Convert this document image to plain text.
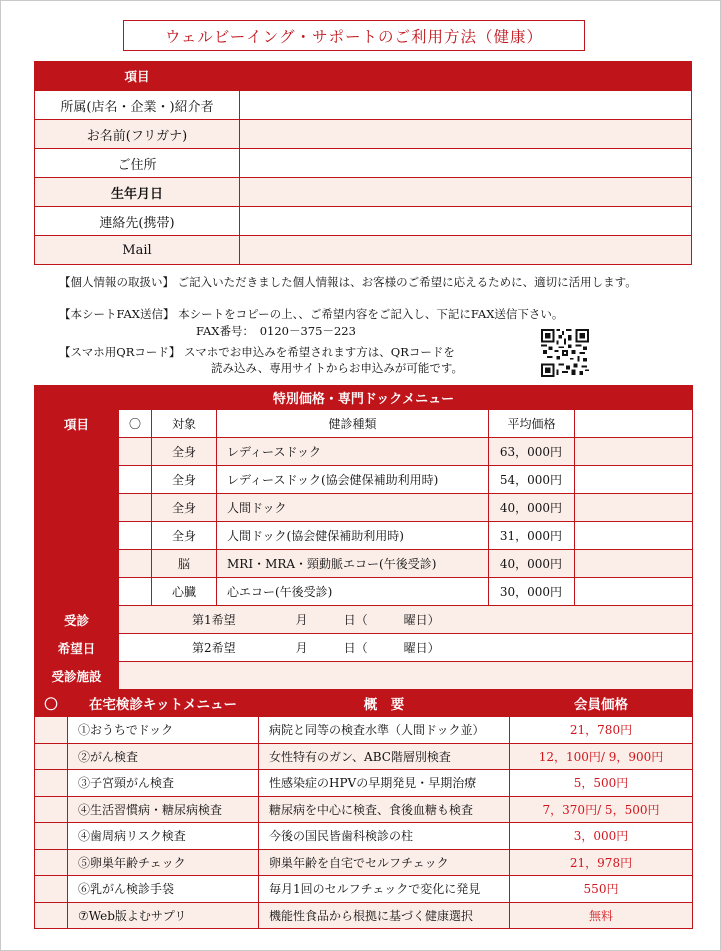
ウェルビーイング・サポートのご利用方法（健康）
項目	
所属(店名・企業・)紹介者	
お名前(フリガナ)	
ご住所	
生年月日	
連絡先(携帯)	
Mail	
【個人情報の取扱い】 ご記入いただきました個人情報は、お客様のご希望に応えるために、適切に活用します。
【本シートFAX送信】 本シートをコピーの上、、ご希望内容をご記入し、下記にFAX送信下さい。
FAX番号：　0120－375－223
【スマホ用QRコード】 スマホでお申込みを希望されます方は、QRコードを
読み込み、専用サイトからお申込みが可能です。
特別価格・専門ドックメニュー					
項目	〇	対象	健診種類	平均価格	
		全身	レディースドック	63，000円	
		全身	レディースドック(協会健保補助利用時)	54，000円	
		全身	人間ドック	40，000円	
		全身	人間ドック(協会健保補助利用時)	31，000円	
		脳	MRI・MRA・頸動脈エコー(午後受診)	40，000円	
		心臓	心エコー(午後受診)	30，000円	
受診	第1希望　　　　　月　　　日（　　　曜日）				
希望日	第2希望　　　　　月　　　日（　　　曜日）				
受診施設					
〇	在宅検診キットメニュー	概　要	会員価格
	①おうちでドック	病院と同等の検査水準（人間ドック並）	21，780円
	②がん検査	女性特有のガン、ABC階層別検査	12，100円/ 9，900円
	③子宮頸がん検査	性感染症のHPVの早期発見・早期治療	5，500円
	④生活習慣病・糖尿病検査	糖尿病を中心に検査、食後血糖も検査	7，370円/ 5，500円
	④歯周病リスク検査	今後の国民皆歯科検診の柱	3，000円
	⑤卵巣年齢チェック	卵巣年齢を自宅でセルフチェック	21，978円
	⑥乳がん検診手袋	毎月1回のセルフチェックで変化に発見	550円
	⑦Web版よむサプリ	機能性食品から根拠に基づく健康選択	無料
